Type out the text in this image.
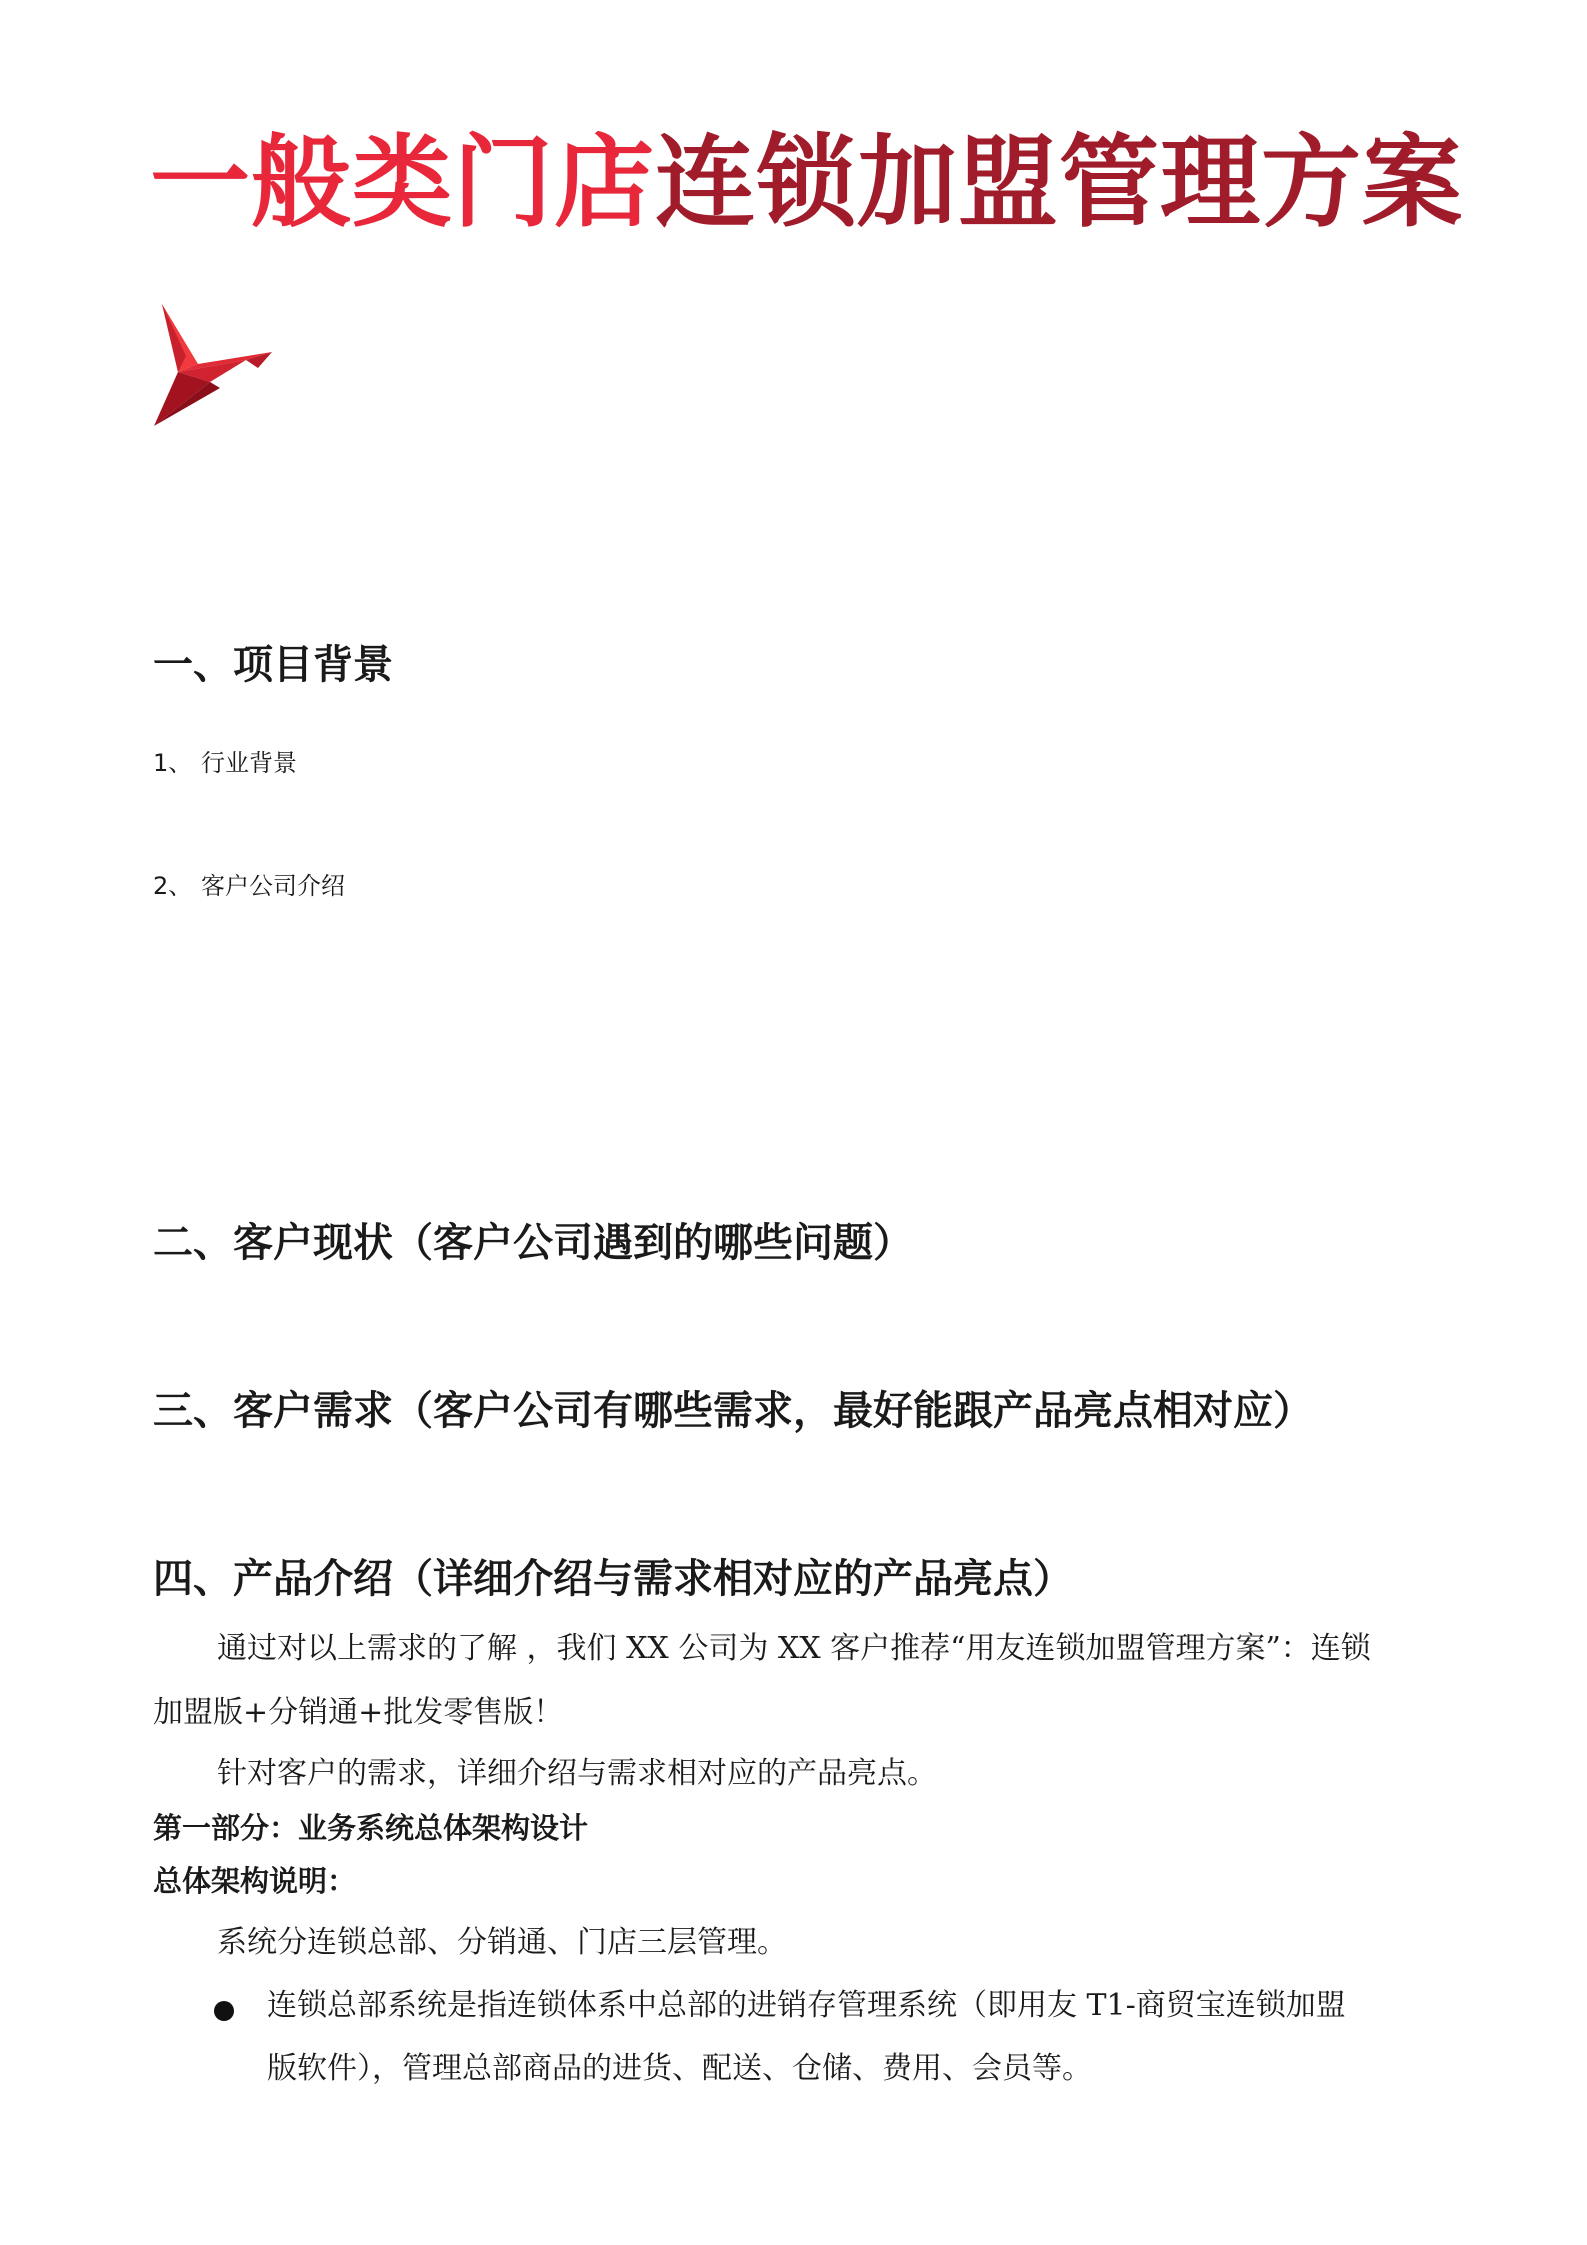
一般类门店连锁加盟管理方案
一、项目背景
1、 行业背景
2、 客户公司介绍
二、客户现状（客户公司遇到的哪些问题）
三、客户需求（客户公司有哪些需求，最好能跟产品亮点相对应）
四、产品介绍（详细介绍与需求相对应的产品亮点）
通过对以上需求的了解 ，我们 XX 公司为 XX 客户推荐“用友连锁加盟管理方案”：连锁
加盟版+分销通+批发零售版！
针对客户的需求，详细介绍与需求相对应的产品亮点。
第一部分：业务系统总体架构设计
总体架构说明：
系统分连锁总部、分销通、门店三层管理。
连锁总部系统是指连锁体系中总部的进销存管理系统（即用友 T1-商贸宝连锁加盟
版软件），管理总部商品的进货、配送、仓储、费用、会员等。
